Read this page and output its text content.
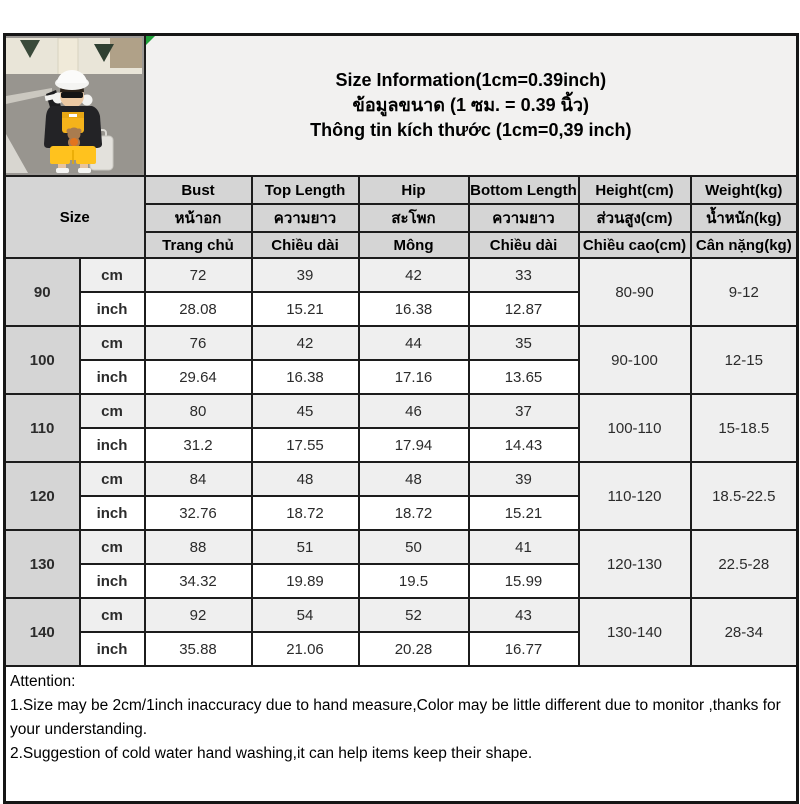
Size Information(1cm=0.39inch)
ข้อมูลขนาด (1 ซม. = 0.39 นิ้ว)
Thông tin kích thước (1cm=0,39 inch)					

Size		Bust	Top Length	Hip	Bottom Length	Height(cm)	Weight(kg)
		หน้าอก	ความยาว	สะโพก	ความยาว	ส่วนสูง(cm)	น้ำหนัก(kg)
		Trang chủ	Chiều dài	Mông	Chiều dài	Chiều cao(cm)	Cân nặng(kg)
90	cm	72	39	42	33	80-90	9-12
	inch	28.08	15.21	16.38	12.87		
100	cm	76	42	44	35	90-100	12-15
	inch	29.64	16.38	17.16	13.65		
110	cm	80	45	46	37	100-110	15-18.5
	inch	31.2	17.55	17.94	14.43		
120	cm	84	48	48	39	110-120	18.5-22.5
	inch	32.76	18.72	18.72	15.21		
130	cm	88	51	50	41	120-130	22.5-28
	inch	34.32	19.89	19.5	15.99		
140	cm	92	54	52	43	130-140	28-34
	inch	35.88	21.06	20.28	16.77		

Attention:
1.Size may be 2cm/1inch inaccuracy due to hand measure,Color may be little different due to monitor ,thanks for your understanding.
2.Suggestion of cold water hand washing,it can help items keep their shape.							
